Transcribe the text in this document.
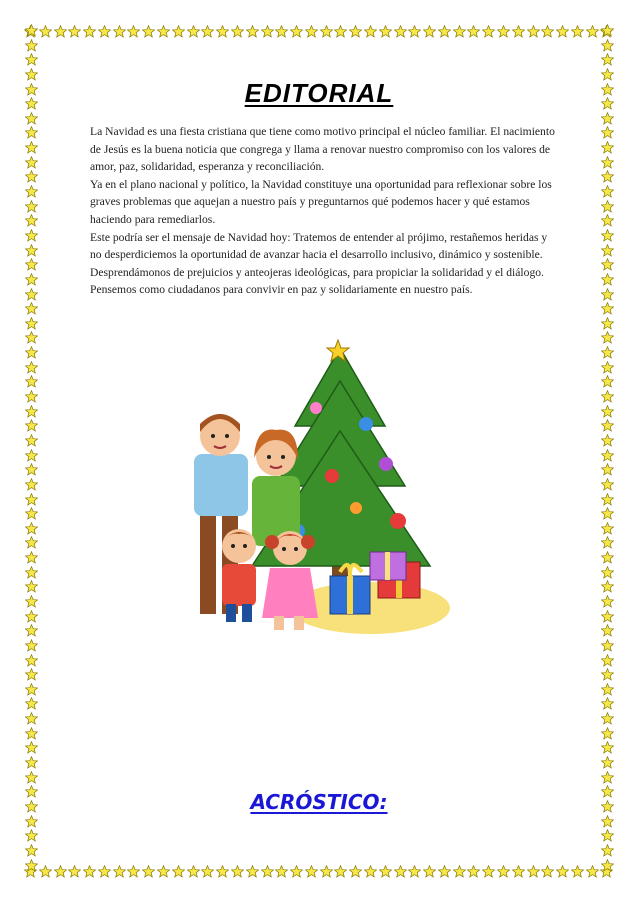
EDITORIAL

La Navidad es una fiesta cristiana que tiene como motivo principal el núcleo familiar. El nacimiento de Jesús es la buena noticia que congrega y llama a renovar nuestro compromiso con los valores de amor, paz, solidaridad, esperanza y reconciliación.

Ya en el plano nacional y político, la Navidad constituye una oportunidad para reflexionar sobre los graves problemas que aquejan a nuestro país y preguntarnos qué podemos hacer y qué estamos haciendo para remediarlos.

Este podría ser el mensaje de Navidad hoy: Tratemos de entender al prójimo, restañemos heridas y no desperdiciemos la oportunidad de avanzar hacia el desarrollo inclusivo, dinámico y sostenible. Desprendámonos de prejuicios y anteojeras ideológicas, para propiciar la solidaridad y el diálogo. Pensemos como ciudadanos para convivir en paz y solidariamente en nuestro país.

ACRÓSTICO:
